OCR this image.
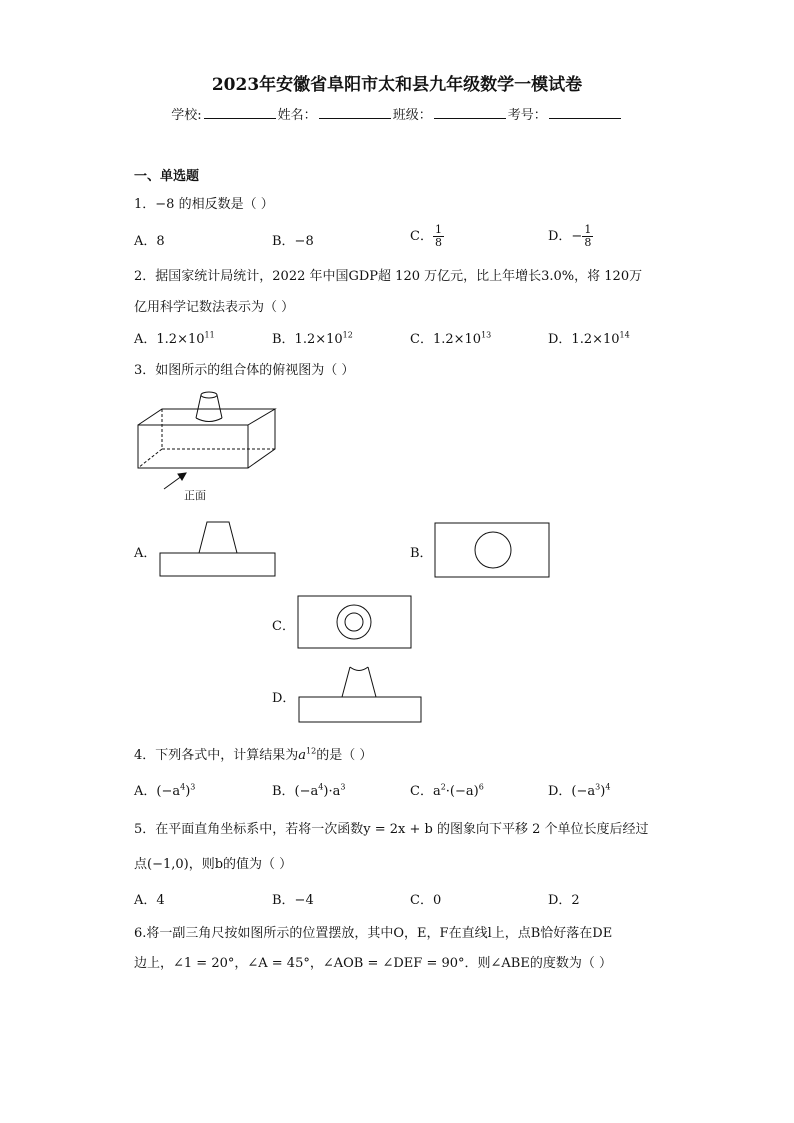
2023年安徽省阜阳市太和县九年级数学一模试卷
学校:	姓名：	班级：	考号：
一、单选题
1．−8 的相反数是（ ）
A．8	B．−8	C． $\frac{1}{8}$	D．− $\frac{1}{8}$
2．据国家统计局统计，2022 年中国GDP超 120 万亿元，比上年增长3.0%，将 120万
亿用科学记数法表示为（ ）
A．$1.2\times 10^{11}$	B．$1.2\times 10^{12}$	C．$1.2\times 10^{13}$	D．$1.2\times 10^{14}$
3．如图所示的组合体的俯视图为（ ）
正面
A．	B．
C．
D．
4．下列各式中，计算结果为$a^{12}$的是（ ）
A．$(-a^4)^3$	B．$(-a^4)\cdot a^3$	C．$a^2\cdot(-a)^6$	D．$(-a^3)^4$
5．在平面直角坐标系中，若将一次函数y = 2x + b 的图象向下平移 2 个单位长度后经过
点(−1,0)，则b的值为（ ）
A．4	B．−4	C．0	D．2
6.将一副三角尺按如图所示的位置摆放，其中O，E，F在直线l上，点B恰好落在DE
边上，∠1 = 20°，∠A = 45°，∠AOB = ∠DEF = 90°．则∠ABE的度数为（ ）
